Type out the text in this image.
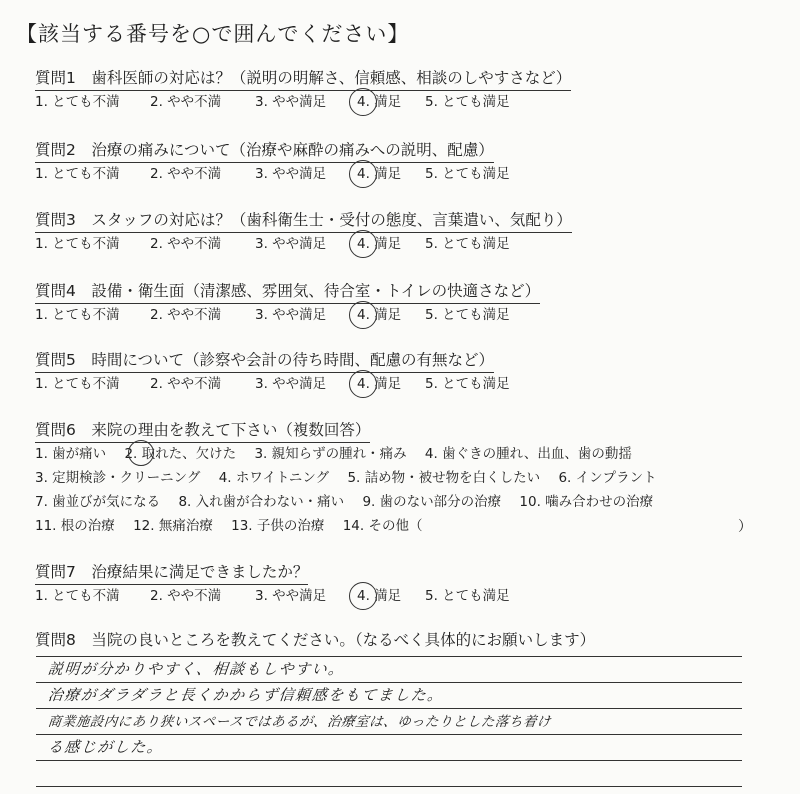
【該当する番号を○で囲んでください】
質問1　歯科医師の対応は？（説明の明解さ、信頼感、相談のしやすさなど）
1. とても不満 2. やや不満	3. やや満足 4. 満足 5. とても満足
質問2　治療の痛みについて（治療や麻酔の痛みへの説明、配慮）
1. とても不満 2. やや不満	3. やや満足 4. 満足 5. とても満足
質問3　スタッフの対応は？（歯科衛生士・受付の態度、言葉遣い、気配り）
1. とても不満 2. やや不満	3. やや満足 4. 満足 5. とても満足
質問4　設備・衛生面（清潔感、雰囲気、待合室・トイレの快適さなど）
1. とても不満 2. やや不満	3. やや満足 4. 満足 5. とても満足
質問5　時間について（診察や会計の待ち時間、配慮の有無など）
1. とても不満 2. やや不満	3. やや満足 4. 満足 5. とても満足
質問6　来院の理由を教えて下さい（複数回答）
1. 歯が痛い 2. 取れた、欠けた 3. 親知らずの腫れ・痛み 4. 歯ぐきの腫れ、出血、歯の動揺
3. 定期検診・クリーニング 4. ホワイトニング 5. 詰め物・被せ物を白くしたい 6. インプラント
7. 歯並びが気になる 8. 入れ歯が合わない・痛い 9. 歯のない部分の治療 10. 噛み合わせの治療
11. 根の治療 12. 無痛治療 13. 子供の治療 14. その他（	）
質問7　治療結果に満足できましたか？
1. とても不満 2. やや不満	3. やや満足 4. 満足 5. とても満足
質問8　当院の良いところを教えてください。（なるべく具体的にお願いします）
説明が分かりやすく、相談もしやすい。
治療がダラダラと長くかからず信頼感をもてました。
商業施設内にあり狭いスペースではあるが、治療室は、ゆったりとした落ち着け
る感じがした。
